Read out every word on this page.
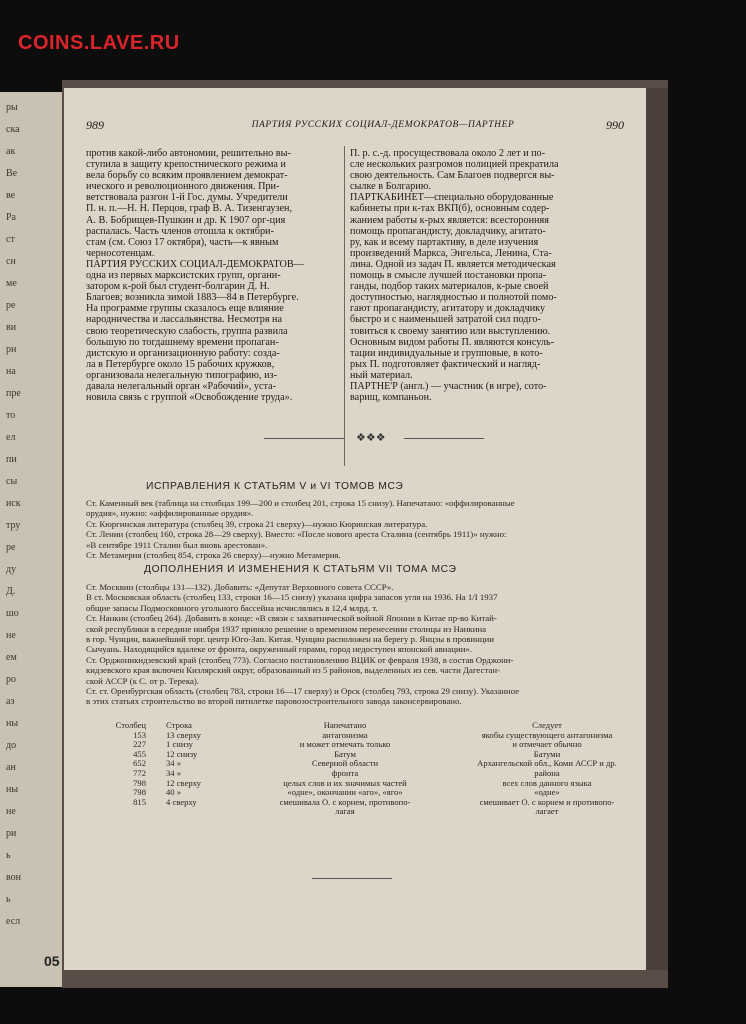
COINS.LAVE.RU
ры
ска
ак
Ве
ве
Ра
ст
сн
ме
ре
ви
рн
на
пре
то
ел
пи
сы
иск
тру
ре
ду
Д.
шо
не
ем
ро
аз
ны
до
ан
ны
не
ри
ь
вон
ь
есл
05
989	ПАРТИЯ РУССКИХ СОЦИАЛ-ДЕМОКРАТОВ—ПАРТНЕР	990
против какой-либо автономии, решительно вы-
ступила в защиту крепостнического режима и
вела борьбу со всяким проявлением демократ-
ического и революционного движения. При-
ветствовала разгон 1-й Гос. думы. Учредители
П. н. п.—Н. Н. Перцов, граф В. А. Тизенгаузен,
А. В. Бобрищев-Пушкин и др. К 1907 орг-ция
распалась. Часть членов отошла к октябри-
стам (см. Союз 17 октября), часть—к явным
черносотенцам.
ПАРТИЯ РУССКИХ СОЦИАЛ-ДЕМОКРАТОВ—
одна из первых марксистских групп, органи-
затором к-рой был студент-болгарин Д. Н.
Благоев; возникла зимой 1883—84 в Петербурге.
На программе группы сказалось еще влияние
народничества и лассальянства. Несмотря на
свою теоретическую слабость, группа развила
большую по тогдашнему времени пропаган-
дистскую и организационную работу: созда-
ла в Петербурге около 15 рабочих кружков,
организовала нелегальную типографию, из-
давала нелегальный орган «Рабочий», уста-
новила связь с группой «Освобождение труда».
П. р. с.-д. просуществовала около 2 лет и по-
сле нескольких разгромов полицией прекратила
свою деятельность. Сам Благоев подвергся вы-
сылке в Болгарию.
ПАРТКАБИНЕТ—специально оборудованные
кабинеты при к-тах ВКП(б), основным содер-
жанием работы к-рых является: всесторонняя
помощь пропагандисту, докладчику, агитато-
ру, как и всему партактиву, в деле изучения
произведений Маркса, Энгельса, Ленина, Ста-
лина. Одной из задач П. является методическая
помощь в смысле лучшей постановки пропа-
ганды, подбор таких материалов, к-рые своей
доступностью, наглядностью и полнотой помо-
гают пропагандисту, агитатору и докладчику
быстро и с наименьшей затратой сил подго-
товиться к своему занятию или выступлению.
Основным видом работы П. являются консуль-
тации индивидуальные и групповые, в кото-
рых П. подготовляет фактический и нагляд-
ный материал.
ПАРТНЕ'Р (англ.) — участник (в игре), сото-
варищ, компаньон.
❖❖❖
ИСПРАВЛЕНИЯ К СТАТЬЯМ V и VI ТОМОВ МСЭ
Ст. Каменный век (таблица на столбцах 199—200 и столбец 201, строка 15 снизу). Напечатано: «оффилированные
орудия», нужно: «аффилированные орудия».
Ст. Кюргинская литература (столбец 39, строка 21 сверху)—нужно Кюринская литература.
Ст. Ленин (столбец 160, строка 28—29 сверху). Вместо: «После нового ареста Сталина (сентябрь 1911)» нужно:
«В сентябре 1911 Сталин был вновь арестован».
Ст. Метамерия (столбец 854, строка 26 сверху)—нужно Метамерия.
ДОПОЛНЕНИЯ И ИЗМЕНЕНИЯ К СТАТЬЯМ VII ТОМА МСЭ
Ст. Москвин (столбцы 131—132). Добавить: «Депутат Верховного совета СССР».
В ст. Московская область (столбец 133, строки 16—15 снизу) указана цифра запасов угля на 1936. На 1/I 1937
общие запасы Подмосковного угольного бассейна исчислялись в 12,4 млрд. т.
Ст. Нанкин (столбец 264). Добавить в конце: «В связи с захватнической войной Японии в Китае пр-во Китай-
ской республики в середине ноября 1937 приняло решение о временном перенесении столицы из Нанкина
в гор. Чунцин, важнейший торг. центр Юго-Зап. Китая. Чунцин расположен на берегу р. Янцзы в провинции
Сычуань. Находящийся вдалеке от фронта, окруженный горами, город недоступен японской авиации».
Ст. Орджоникидзевский край (столбец 773). Согласно постановлению ВЦИК от февраля 1938, в состав Орджони-
кидзевского края включен Кизлярский округ, образованный из 5 районов, выделенных из сев. части Дагестан-
ской АССР (к С. от р. Терека).
Ст. ст. Оренбургская область (столбец 783, строки 16—17 сверху) и Орск (столбец 793, строка 29 снизу). Указанное
в этих статьях строительство во второй пятилетке паровозостроительного завода законсервировано.
Столбец Строка	Напечатано	Следует
153 13 сверху	антагонизма	якобы существующего антагонизма
227 1 снизу	и может отмечать только	и отмечает обычно
455 12 снизу	Батум	Батуми
652 34 »	Северной области	Архангельской обл., Коми АССР и др.
772 34 »	фронта	района
798 12 сверху	целых слов и их значимых частей	всех слов данного языка
798 40 »	«одне», окончании «аго», «яго»	«одне»
815 4 сверху	смешивала О. с корнем, противопо-	смешивает О. с корнем и противопо-
лагая	лагает
